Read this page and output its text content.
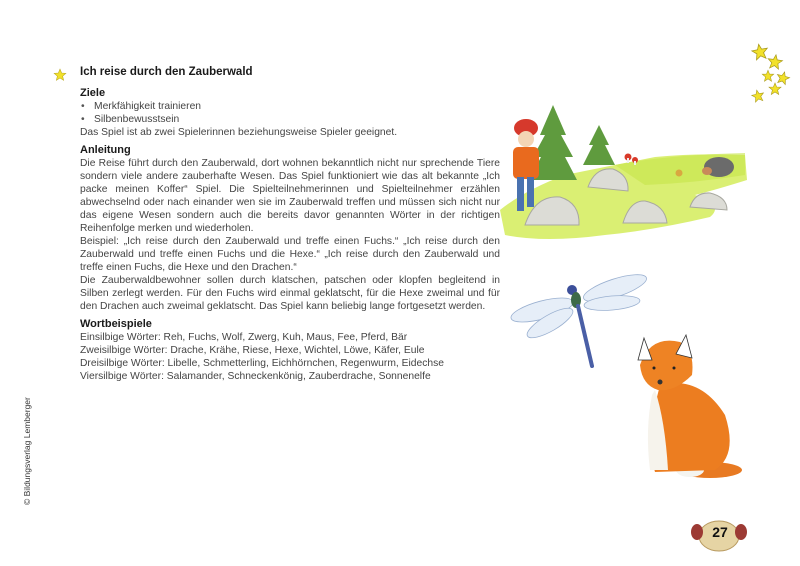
Ich reise durch den Zauberwald
Ziele
• Merkfähigkeit trainieren
• Silbenbewusstsein

Das Spiel ist ab zwei Spielerinnen beziehungsweise Spieler geeignet.

Anleitung

Die Reise führt durch den Zauberwald, dort wohnen bekanntlich nicht nur sprechende Tiere sondern viele andere zauberhafte Wesen. Das Spiel funktioniert wie das alt bekannte „Ich packe meinen Koffer“ Spiel. Die Spielteilnehmerinnen und Spielteilnehmer erzählen abwechselnd oder nach einander wen sie im Zauberwald treffen und müssen sich nicht nur das eigene Wesen sondern auch die bereits davor genannten Wörter in der richtigen Reihenfolge merken und wiederholen.

Beispiel: „Ich reise durch den Zauberwald und treffe einen Fuchs.“ „Ich reise durch den Zauberwald und treffe einen Fuchs und die Hexe.“ „Ich reise durch den Zauberwald und treffe einen Fuchs, die Hexe und den Drachen.“

Die Zauberwaldbewohner sollen durch klatschen, patschen oder klopfen begleitend in Silben zerlegt werden. Für den Fuchs wird einmal geklatscht, für die Hexe zweimal und für den Drachen auch zweimal geklatscht. Das Spiel kann beliebig lange fortgesetzt werden.

Wortbeispiele

Einsilbige Wörter: Reh, Fuchs, Wolf, Zwerg, Kuh, Maus, Fee, Pferd, Bär

Zweisilbige Wörter: Drache, Krähe, Riese, Hexe, Wichtel, Löwe, Käfer, Eule

Dreisilbige Wörter: Libelle, Schmetterling, Eichhörnchen, Regenwurm, Eidechse

Viersilbige Wörter: Salamander, Schneckenkönig, Zauberdrache, Sonnenelfe

© Bildungsverlag Lemberger
27
